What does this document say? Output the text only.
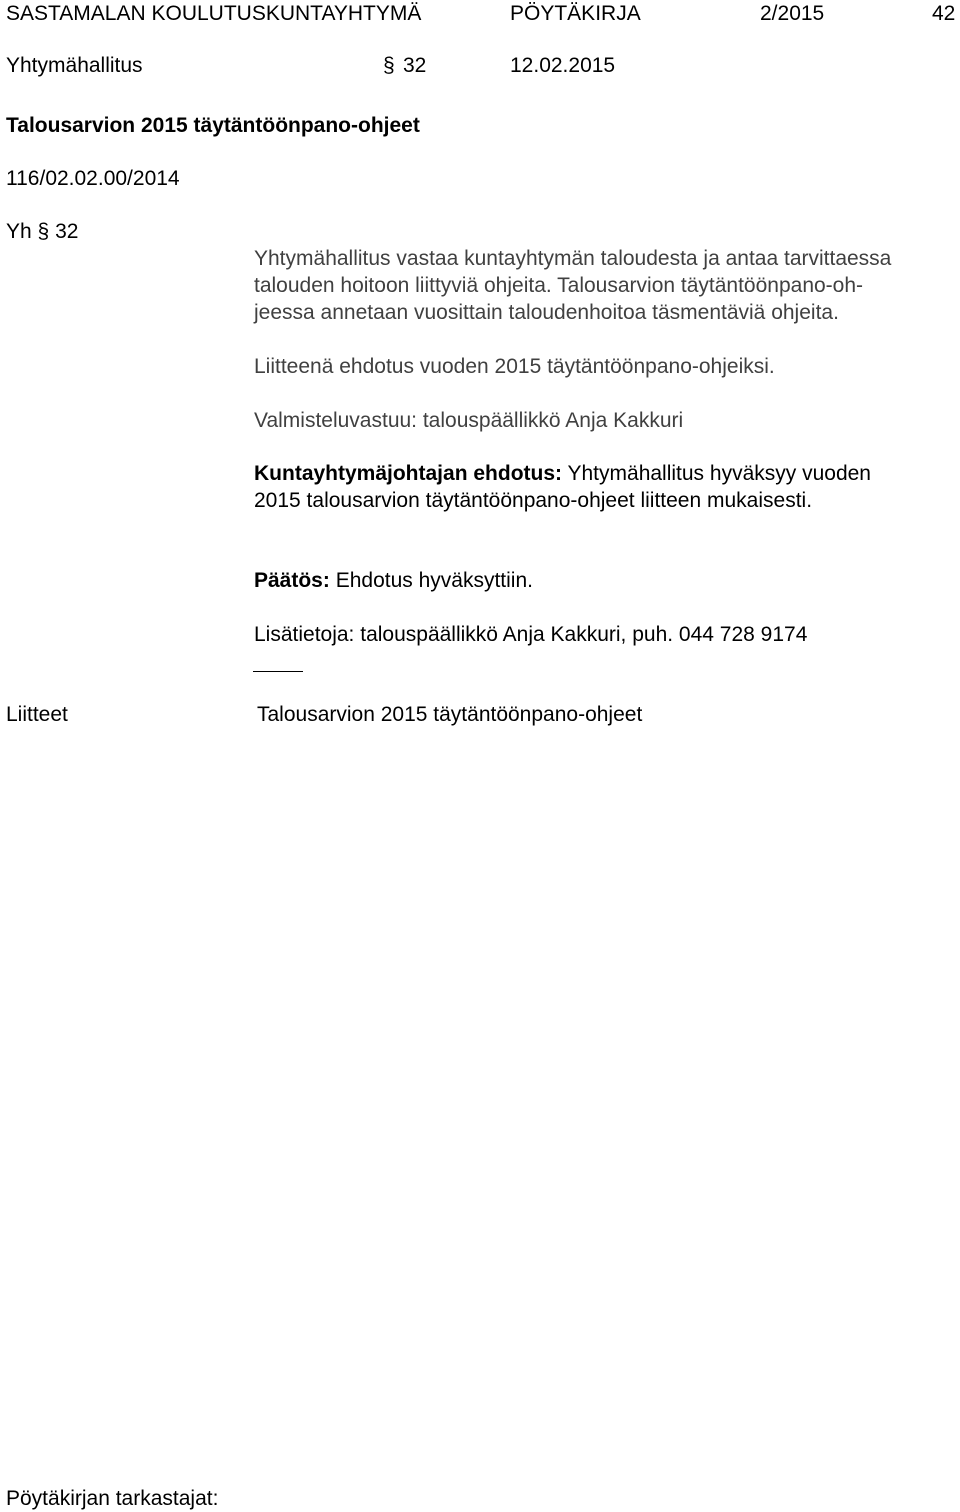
SASTAMALAN KOULUTUSKUNTAYHTYMÄ	PÖYTÄKIRJA	2/2015	42
Yhtymähallitus	§ 32	12.02.2015
Talousarvion 2015 täytäntöönpano-ohjeet
116/02.02.00/2014
Yh § 32
Yhtymähallitus vastaa kuntayhtymän taloudesta ja antaa tarvittaessa
talouden hoitoon liittyviä ohjeita. Talousarvion täytäntöönpano-oh-
jeessa annetaan vuosittain taloudenhoitoa täsmentäviä ohjeita.
Liitteenä ehdotus vuoden 2015 täytäntöönpano-ohjeiksi.
Valmisteluvastuu: talouspäällikkö Anja Kakkuri
Kuntayhtymäjohtajan ehdotus: Yhtymähallitus hyväksyy vuoden
2015 talousarvion täytäntöönpano-ohjeet liitteen mukaisesti.
Päätös: Ehdotus hyväksyttiin.
Lisätietoja: talouspäällikkö Anja Kakkuri, puh. 044 728 9174
Liitteet	Talousarvion 2015 täytäntöönpano-ohjeet
Pöytäkirjan tarkastajat:
